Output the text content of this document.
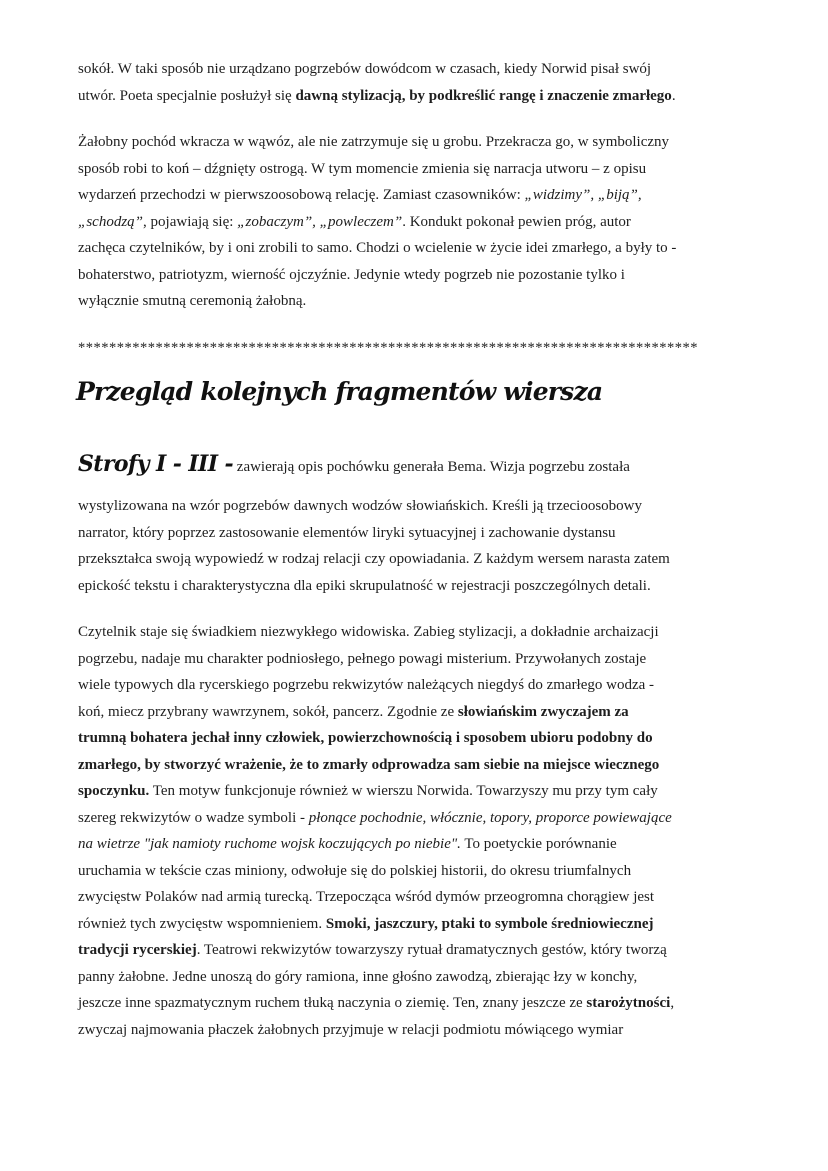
sokół. W taki sposób nie urządzano pogrzebów dowódcom w czasach, kiedy Norwid pisał swój
utwór. Poeta specjalnie posłużył się dawną stylizacją, by podkreślić rangę i znaczenie zmarłego.
Żałobny pochód wkracza w wąwóz, ale nie zatrzymuje się u grobu. Przekracza go, w symboliczny
sposób robi to koń – dźgnięty ostrogą. W tym momencie zmienia się narracja utworu – z opisu
wydarzeń przechodzi w pierwszoosobową relację. Zamiast czasowników: „widzimy”, „biją”,
„schodzą”, pojawiają się: „zobaczym”, „powleczem”. Kondukt pokonał pewien próg, autor
zachęca czytelników, by i oni zrobili to samo. Chodzi o wcielenie w życie idei zmarłego, a były to -
bohaterstwo, patriotyzm, wierność ojczyźnie. Jedynie wtedy pogrzeb nie pozostanie tylko i
wyłącznie smutną ceremonią żałobną.
********************************************************************************
Przegląd kolejnych fragmentów wiersza
Strofy I - III - zawierają opis pochówku generała Bema. Wizja pogrzebu została
wystylizowana na wzór pogrzebów dawnych wodzów słowiańskich. Kreśli ją trzecioosobowy
narrator, który poprzez zastosowanie elementów liryki sytuacyjnej i zachowanie dystansu
przekształca swoją wypowiedź w rodzaj relacji czy opowiadania. Z każdym wersem narasta zatem
epickość tekstu i charakterystyczna dla epiki skrupulatność w rejestracji poszczególnych detali.
Czytelnik staje się świadkiem niezwykłego widowiska. Zabieg stylizacji, a dokładnie archaizacji
pogrzebu, nadaje mu charakter podniosłego, pełnego powagi misterium. Przywołanych zostaje
wiele typowych dla rycerskiego pogrzebu rekwizytów należących niegdyś do zmarłego wodza -
koń, miecz przybrany wawrzynem, sokół, pancerz. Zgodnie ze słowiańskim zwyczajem za
trumną bohatera jechał inny człowiek, powierzchownością i sposobem ubioru podobny do
zmarłego, by stworzyć wrażenie, że to zmarły odprowadza sam siebie na miejsce wiecznego
spoczynku. Ten motyw funkcjonuje również w wierszu Norwida. Towarzyszy mu przy tym cały
szereg rekwizytów o wadze symboli - płonące pochodnie, włócznie, topory, proporce powiewające
na wietrze "jak namioty ruchome wojsk koczujących po niebie". To poetyckie porównanie
uruchamia w tekście czas miniony, odwołuje się do polskiej historii, do okresu triumfalnych
zwycięstw Polaków nad armią turecką. Trzepocząca wśród dymów przeogromna chorągiew jest
również tych zwycięstw wspomnieniem. Smoki, jaszczury, ptaki to symbole średniowiecznej
tradycji rycerskiej. Teatrowi rekwizytów towarzyszy rytuał dramatycznych gestów, który tworzą
panny żałobne. Jedne unoszą do góry ramiona, inne głośno zawodzą, zbierając łzy w konchy,
jeszcze inne spazmatycznym ruchem tłuką naczynia o ziemię. Ten, znany jeszcze ze starożytności,
zwyczaj najmowania płaczek żałobnych przyjmuje w relacji podmiotu mówiącego wymiar
